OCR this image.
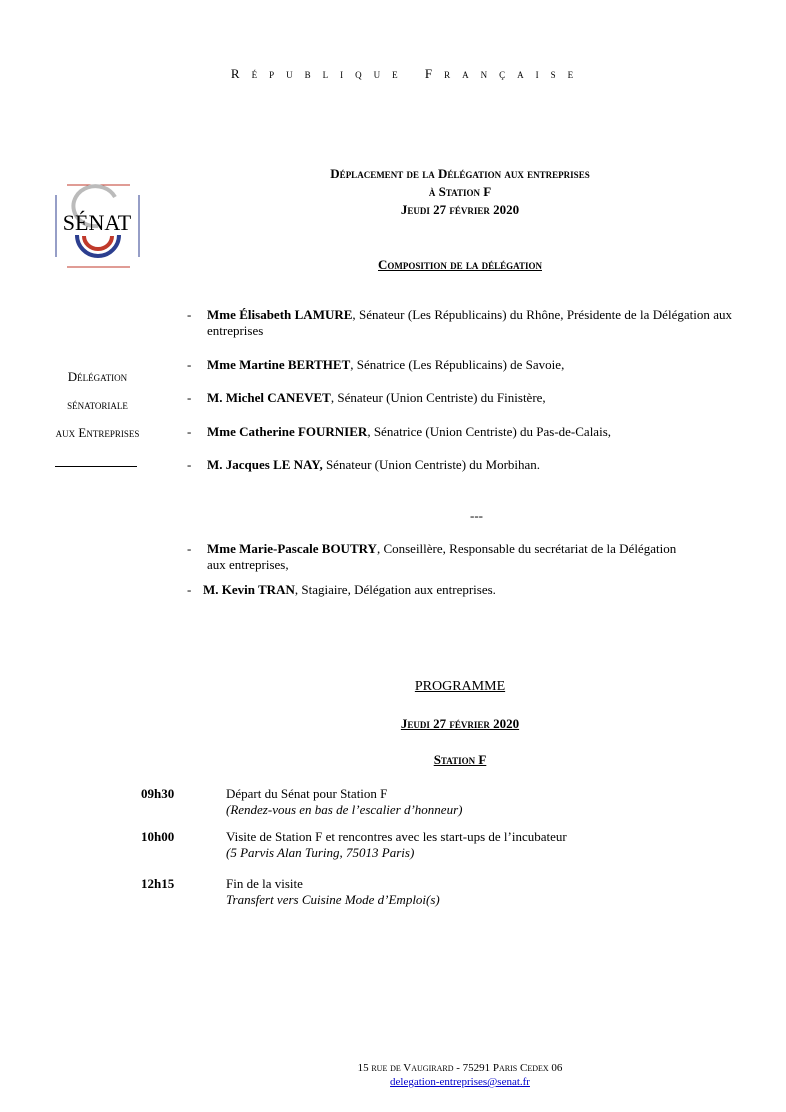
République Française
SÉNAT
Déplacement de la Délégation aux entreprises
à Station F
Jeudi 27 février 2020
Composition de la délégation
Délégation
sénatoriale
aux Entreprises
- Mme Élisabeth LAMURE, Sénateur (Les Républicains) du Rhône, Présidente de la Délégation aux entreprises
- Mme Martine BERTHET, Sénatrice (Les Républicains) de Savoie,
- M. Michel CANEVET, Sénateur (Union Centriste) du Finistère,
- Mme Catherine FOURNIER, Sénatrice (Union Centriste) du Pas-de-Calais,
- M. Jacques LE NAY, Sénateur (Union Centriste) du Morbihan.
---
- Mme Marie-Pascale BOUTRY, Conseillère, Responsable du secrétariat de la Délégation aux entreprises,
- M. Kevin TRAN, Stagiaire, Délégation aux entreprises.
PROGRAMME
Jeudi 27 février 2020
Station F
09h30	Départ du Sénat pour Station F
(Rendez-vous en bas de l’escalier d’honneur)
10h00	Visite de Station F et rencontres avec les start-ups de l’incubateur
(5 Parvis Alan Turing, 75013 Paris)
12h15	Fin de la visite
Transfert vers Cuisine Mode d’Emploi(s)
15 rue de Vaugirard - 75291 Paris Cedex 06
delegation-entreprises@senat.fr
